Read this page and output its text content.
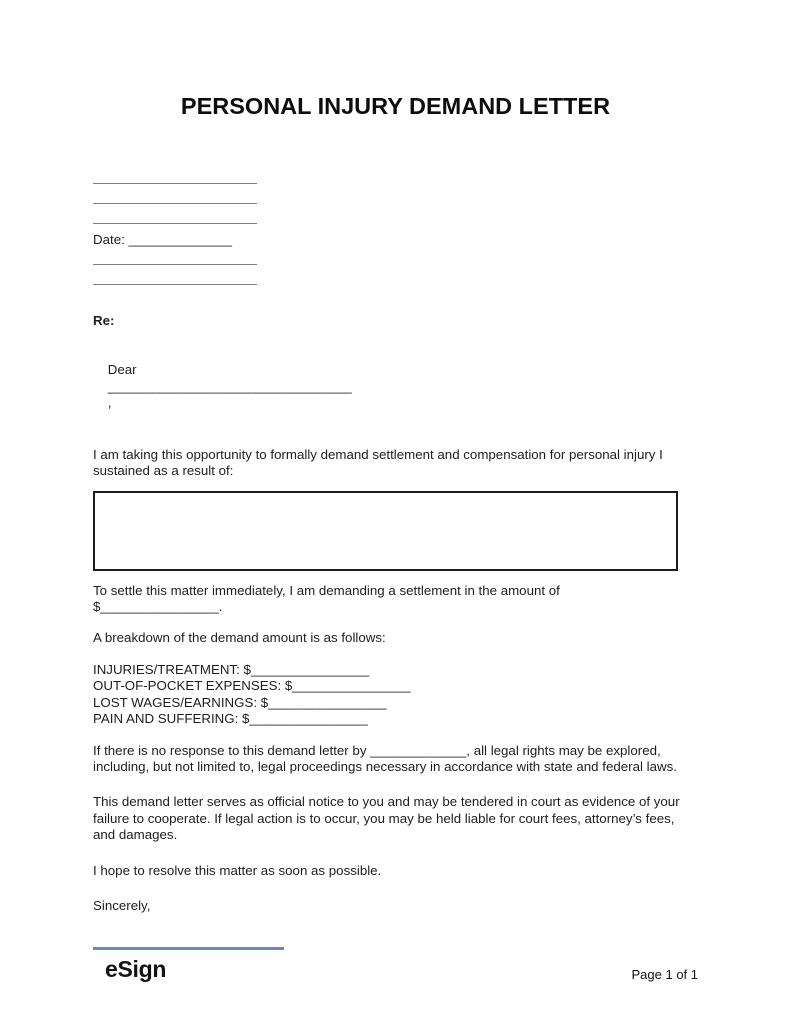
PERSONAL INJURY DEMAND LETTER
Date: ______________
Re:

Dear
_________________________________
,

I am taking this opportunity to formally demand settlement and compensation for personal injury I sustained as a result of:
To settle this matter immediately, I am demanding a settlement in the amount of
$________________.
A breakdown of the demand amount is as follows:
INJURIES/TREATMENT: $________________
OUT-OF-POCKET EXPENSES: $________________
LOST WAGES/EARNINGS: $________________
PAIN AND SUFFERING: $________________
If there is no response to this demand letter by _____________, all legal rights may be explored, including, but not limited to, legal proceedings necessary in accordance with state and federal laws.
This demand letter serves as official notice to you and may be tendered in court as evidence of your failure to cooperate. If legal action is to occur, you may be held liable for court fees, attorney’s fees, and damages.
I hope to resolve this matter as soon as possible.
Sincerely,
eSign	Page 1 of 1
